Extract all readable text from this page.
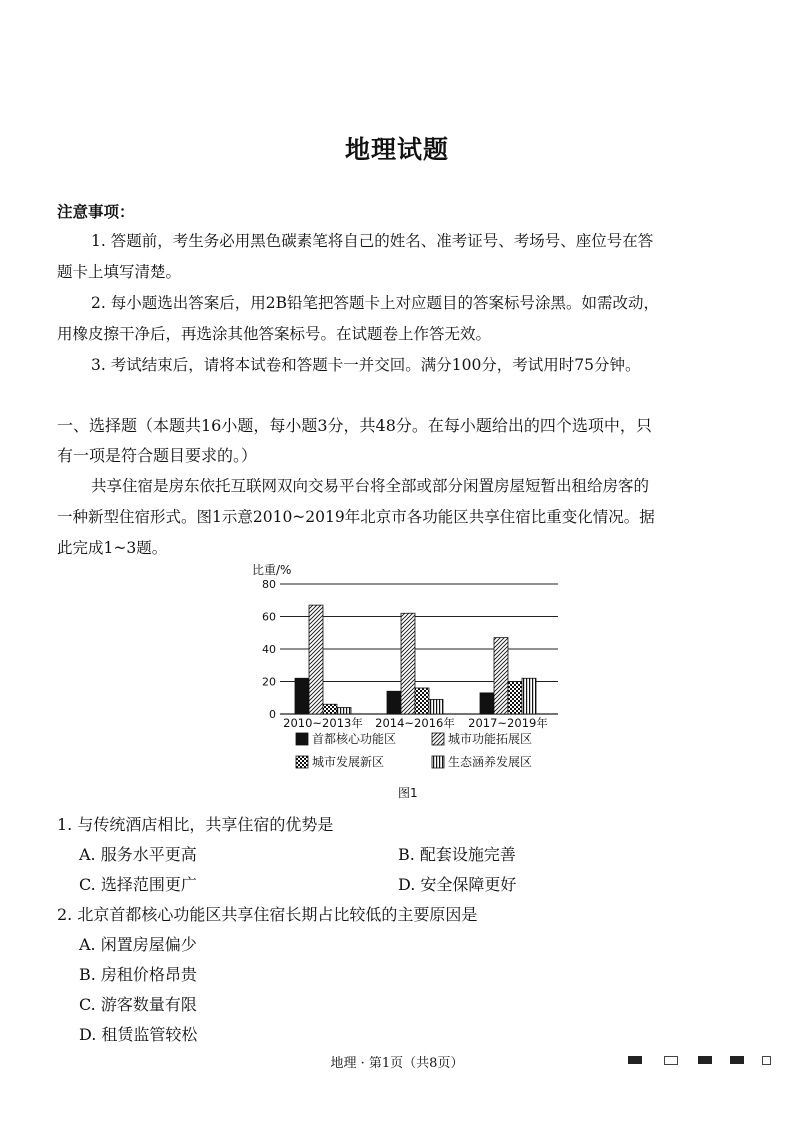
地理试题
注意事项：
1. 答题前，考生务必用黑色碳素笔将自己的姓名、准考证号、考场号、座位号在答
题卡上填写清楚。
2. 每小题选出答案后，用2B铅笔把答题卡上对应题目的答案标号涂黑。如需改动，
用橡皮擦干净后，再选涂其他答案标号。在试题卷上作答无效。
3. 考试结束后，请将本试卷和答题卡一并交回。满分100分，考试用时75分钟。
一、选择题（本题共16小题，每小题3分，共48分。在每小题给出的四个选项中，只
有一项是符合题目要求的。）
共享住宿是房东依托互联网双向交易平台将全部或部分闲置房屋短暂出租给房客的
一种新型住宿形式。图1示意2010~2019年北京市各功能区共享住宿比重变化情况。据
此完成1~3题。
0
20
40
60
80
2010~2013年 2014~2016年 2017~2019年
比重/%
首都核心功能区	城市功能拓展区
城市发展新区	生态涵养发展区
图1
1. 与传统酒店相比，共享住宿的优势是
A. 服务水平更高	B. 配套设施完善
C. 选择范围更广	D. 安全保障更好
2. 北京首都核心功能区共享住宿长期占比较低的主要原因是
A. 闲置房屋偏少
B. 房租价格昂贵
C. 游客数量有限
D. 租赁监管较松
地理 · 第1页（共8页）
